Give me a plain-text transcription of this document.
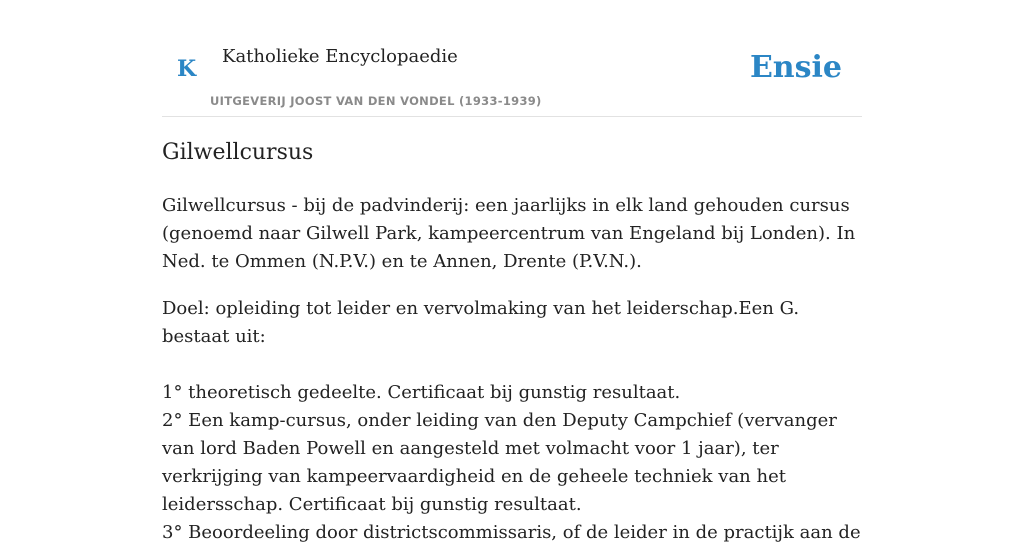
K Katholieke Encyclopaedie
UITGEVERIJ JOOST VAN DEN VONDEL (1933-1939)
Ensie
Gilwellcursus

Gilwellcursus - bij de padvinderij: een jaarlijks in elk land gehouden cursus (genoemd naar Gilwell Park, kampeercentrum van Engeland bij Londen). In Ned. te Ommen (N.P.V.) en te Annen, Drente (P.V.N.).

Doel: opleiding tot leider en vervolmaking van het leiderschap.Een G. bestaat uit:

1° theoretisch gedeelte. Certificaat bij gunstig resultaat.

2° Een kamp-cursus, onder leiding van den Deputy Campchief (vervanger van lord Baden Powell en aangesteld met volmacht voor 1 jaar), ter verkrijging van kampeervaardigheid en de geheele techniek van het leidersschap. Certificaat bij gunstig resultaat.

3° Beoordeeling door districtscommissaris, of de leider in de practijk aan de
